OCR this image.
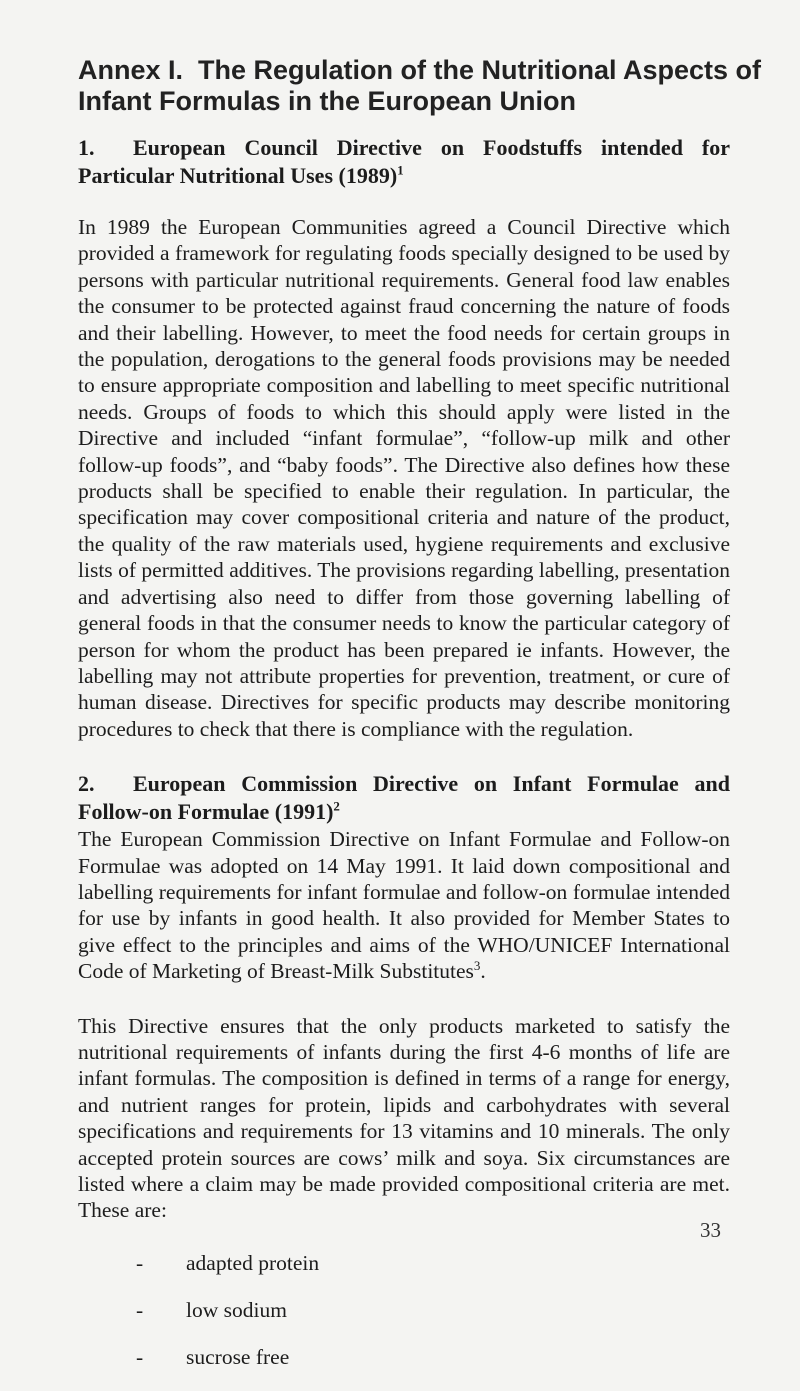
Annex I.  The Regulation of the Nutritional Aspects of
Infant Formulas in the European Union
1. European Council Directive on Foodstuffs intended for Particular Nutritional Uses $(1989)^1$

In 1989 the European Communities agreed a Council Directive which provided a framework for regulating foods specially designed to be used by persons with particular nutritional requirements. General food law enables the consumer to be protected against fraud concerning the nature of foods and their labelling. However, to meet the food needs for certain groups in the population, derogations to the general foods provisions may be needed to ensure appropriate composition and labelling to meet specific nutritional needs. Groups of foods to which this should apply were listed in the Directive and included “infant formulae”, “follow-up milk and other follow-up foods”, and “baby foods”. The Directive also defines how these products shall be specified to enable their regulation. In particular, the specification may cover compositional criteria and nature of the product, the quality of the raw materials used, hygiene requirements and exclusive lists of permitted additives. The provisions regarding labelling, presentation and advertising also need to differ from those governing labelling of general foods in that the consumer needs to know the particular category of person for whom the product has been prepared ie infants. However, the labelling may not attribute properties for prevention, treatment, or cure of human disease. Directives for specific products may describe monitoring procedures to check that there is compliance with the regulation.

2. European Commission Directive on Infant Formulae and Follow-on Formulae $(1991)^2$

The European Commission Directive on Infant Formulae and Follow-on Formulae was adopted on 14 May 1991. It laid down compositional and labelling requirements for infant formulae and follow-on formulae intended for use by infants in good health. It also provided for Member States to give effect to the principles and aims of the WHO/UNICEF International Code of Marketing of Breast-Milk Substitutes$^3$.

This Directive ensures that the only products marketed to satisfy the nutritional requirements of infants during the first 4-6 months of life are infant formulas. The composition is defined in terms of a range for energy, and nutrient ranges for protein, lipids and carbohydrates with several specifications and requirements for 13 vitamins and 10 minerals. The only accepted protein sources are cows’ milk and soya. Six circumstances are listed where a claim may be made provided compositional criteria are met. These are:

- adapted protein
- low sodium
- sucrose free
33
